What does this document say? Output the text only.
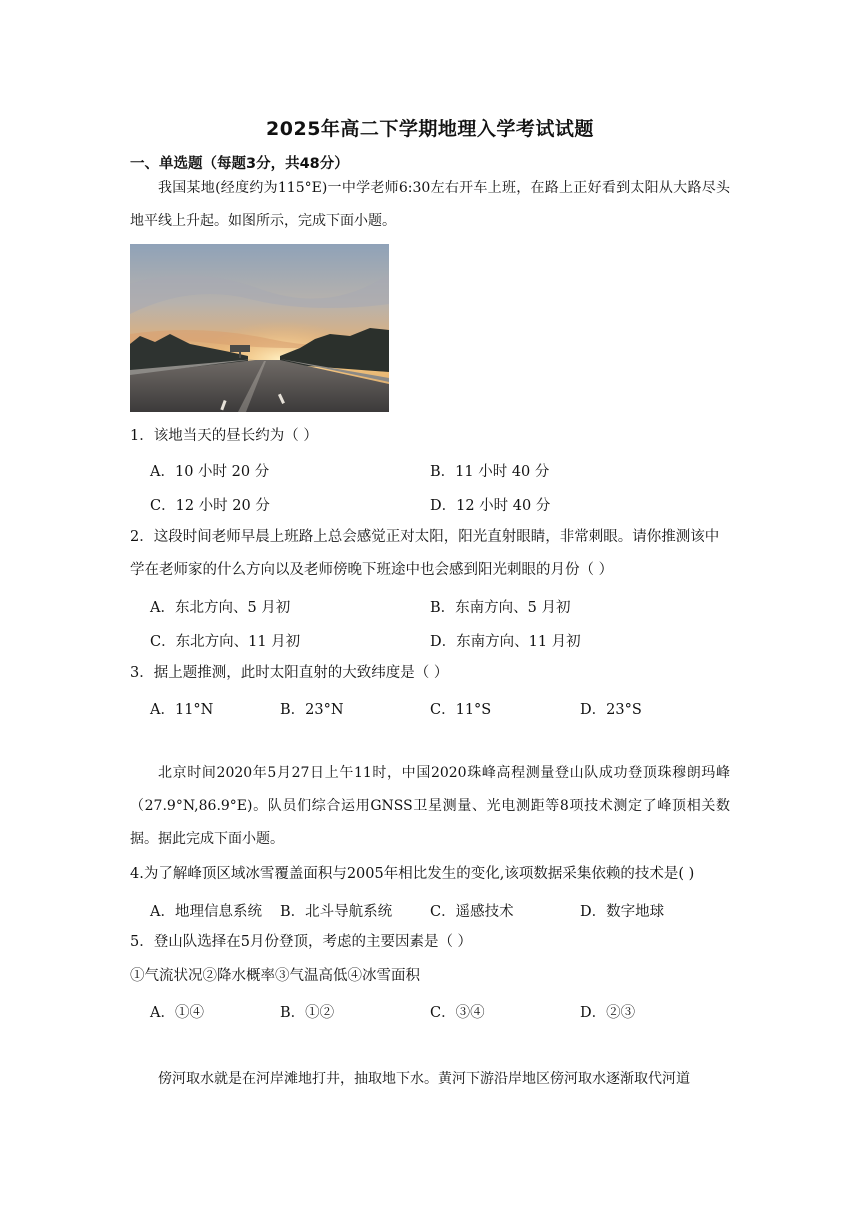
2025年高二下学期地理入学考试试题
一、单选题（每题3分，共48分）
我国某地(经度约为115°E)一中学老师6:30左右开车上班，在路上正好看到太阳从大路尽头地平线上升起。如图所示，完成下面小题。
1．该地当天的昼长约为（ ）
A．10 小时 20 分	B．11 小时 40 分
C．12 小时 20 分	D．12 小时 40 分
2．这段时间老师早晨上班路上总会感觉正对太阳，阳光直射眼睛，非常刺眼。请你推测该中学在老师家的什么方向以及老师傍晚下班途中也会感到阳光刺眼的月份（ ）
A．东北方向、5 月初	B．东南方向、5 月初
C．东北方向、11 月初	D．东南方向、11 月初
3．据上题推测，此时太阳直射的大致纬度是（ ）
A．11°N	B．23°N	C．11°S	D．23°S
北京时间2020年5月27日上午11时，中国2020珠峰高程测量登山队成功登顶珠穆朗玛峰（27.9°N,86.9°E)。队员们综合运用GNSS卫星测量、光电测距等8项技术测定了峰顶相关数据。据此完成下面小题。
4.为了解峰顶区域冰雪覆盖面积与2005年相比发生的变化,该项数据采集依赖的技术是( )
A．地理信息系统 B．北斗导航系统	C．遥感技术	D．数字地球
5．登山队选择在5月份登顶，考虑的主要因素是（ ）
①气流状况②降水概率③气温高低④冰雪面积
A．①④	B．①②	C．③④	D．②③
傍河取水就是在河岸滩地打井，抽取地下水。黄河下游沿岸地区傍河取水逐渐取代河道
